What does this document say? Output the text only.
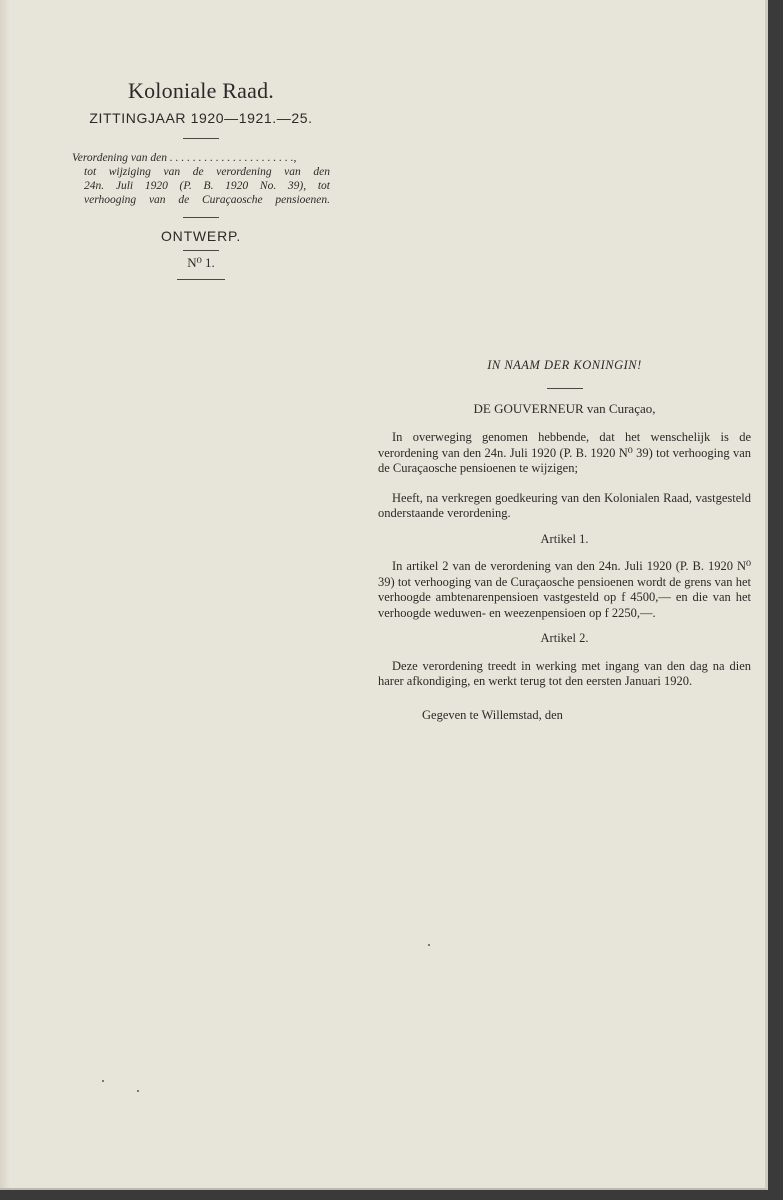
Koloniale Raad.
ZITTINGJAAR 1920—1921.—25.
Verordening van den . . . . . . . . . . . . . . . . . . . . . .,
tot wijziging van de verordening van den
24n. Juli 1920 (P. B. 1920 No. 39), tot
verhooging van de Curaçaosche pensioenen.
ONTWERP.
N⁰ 1.
IN NAAM DER KONINGIN!
DE GOUVERNEUR van Curaçao,

In overweging genomen hebbende, dat het wenschelijk is de verordening van den 24n. Juli 1920 (P. B. 1920 N⁰ 39) tot verhooging van de Curaçaosche pensioenen te wijzigen;

Heeft, na verkregen goedkeuring van den Kolonialen Raad, vastgesteld onderstaande verordening.

Artikel 1.

In artikel 2 van de verordening van den 24n. Juli 1920 (P. B. 1920 N⁰ 39) tot verhooging van de Curaçaosche pensioenen wordt de grens van het verhoogde ambtenarenpensioen vastgesteld op f 4500,— en die van het verhoogde weduwen- en weezenpensioen op f 2250,—.

Artikel 2.

Deze verordening treedt in werking met ingang van den dag na dien harer afkondiging, en werkt terug tot den eersten Januari 1920.

Gegeven te Willemstad, den
